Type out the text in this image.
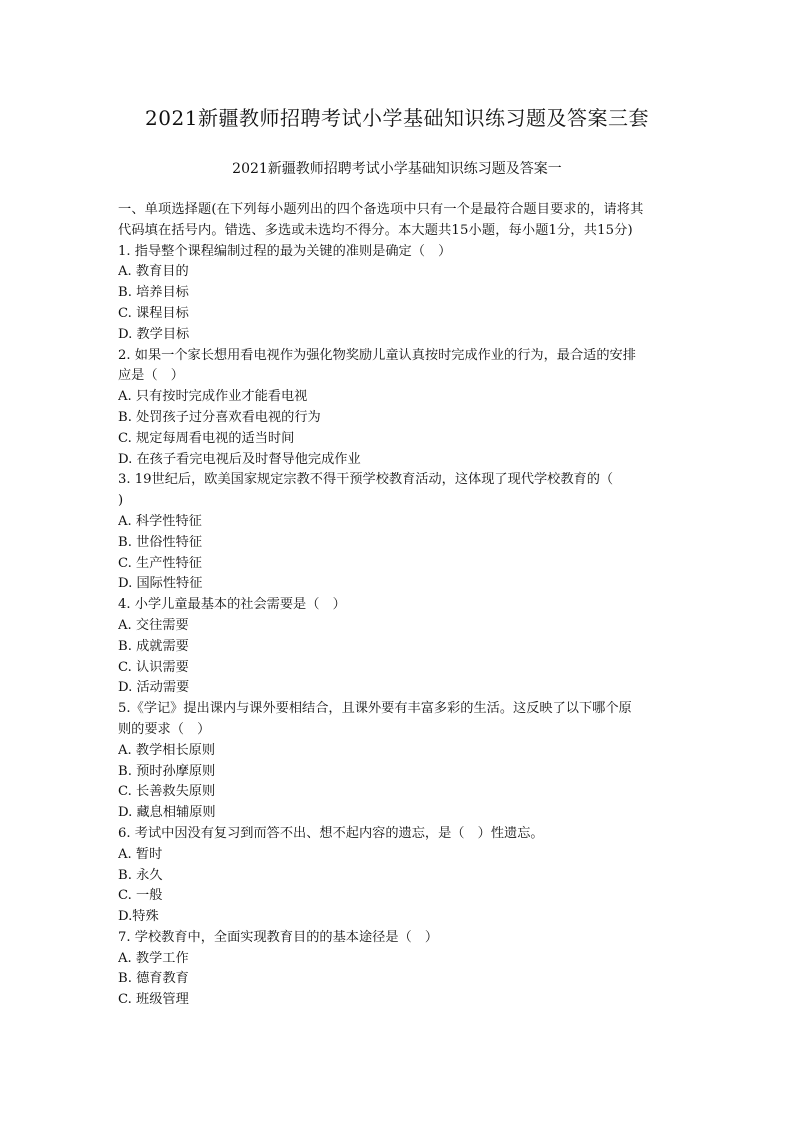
2021新疆教师招聘考试小学基础知识练习题及答案三套
2021新疆教师招聘考试小学基础知识练习题及答案一
一、单项选择题(在下列每小题列出的四个备选项中只有一个是最符合题目要求的，请将其
代码填在括号内。错选、多选或未选均不得分。本大题共15小题，每小题1分，共15分)
1. 指导整个课程编制过程的最为关键的准则是确定（　）
A. 教育目的
B. 培养目标
C. 课程目标
D. 教学目标
2. 如果一个家长想用看电视作为强化物奖励儿童认真按时完成作业的行为，最合适的安排
应是（　）
A. 只有按时完成作业才能看电视
B. 处罚孩子过分喜欢看电视的行为
C. 规定每周看电视的适当时间
D. 在孩子看完电视后及时督导他完成作业
3. 19世纪后，欧美国家规定宗教不得干预学校教育活动，这体现了现代学校教育的（
)
A. 科学性特征
B. 世俗性特征
C. 生产性特征
D. 国际性特征
4. 小学儿童最基本的社会需要是（　）
A. 交往需要
B. 成就需要
C. 认识需要
D. 活动需要
5.《学记》提出课内与课外要相结合，且课外要有丰富多彩的生活。这反映了以下哪个原
则的要求（　）
A. 教学相长原则
B. 预时孙摩原则
C. 长善救失原则
D. 藏息相辅原则
6. 考试中因没有复习到而答不出、想不起内容的遗忘，是（　）性遗忘。
A. 暂时
B. 永久
C. 一般
D.特殊
7. 学校教育中，全面实现教育目的的基本途径是（　）
A. 教学工作
B. 德育教育
C. 班级管理
